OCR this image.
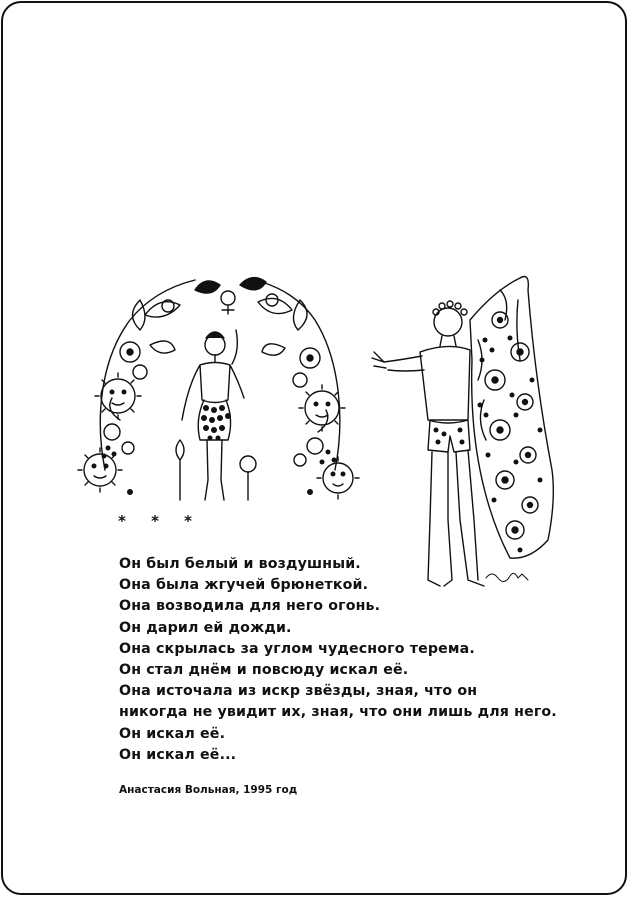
* * *
Он был белый и воздушный.
Она была жгучей брюнеткой.
Она возводила для него огонь.
Он дарил ей дожди.
Она скрылась за углом чудесного терема.
Он стал днём и повсюду искал её.
Она источала из искр звёзды, зная, что он
никогда не увидит их, зная, что они лишь для него.
Он искал её.
Он искал её...
Анастасия Вольная, 1995 год
